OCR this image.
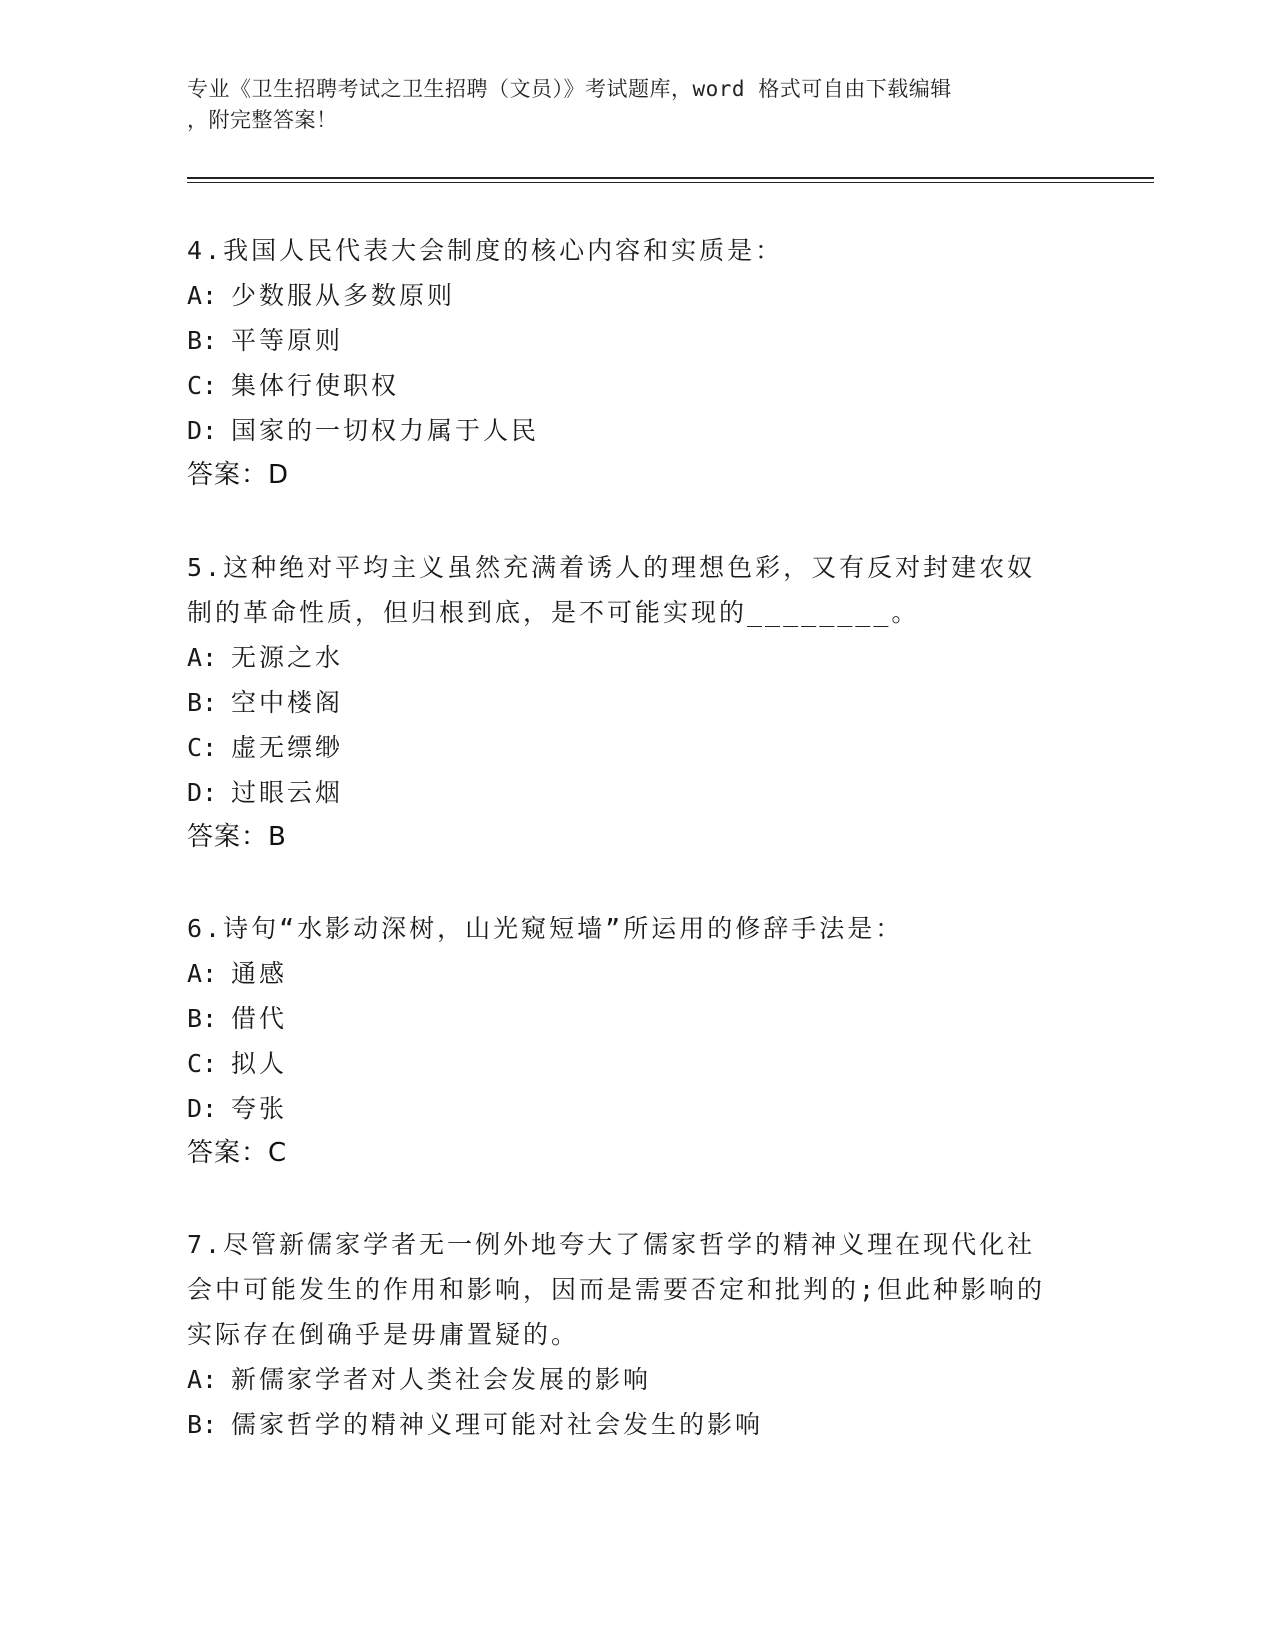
专业《卫生招聘考试之卫生招聘（文员）》考试题库，word 格式可自由下载编辑
，附完整答案！
4.我国人民代表大会制度的核心内容和实质是：
A: 少数服从多数原则
B: 平等原则
C: 集体行使职权
D: 国家的一切权力属于人民
答案：D
5.这种绝对平均主义虽然充满着诱人的理想色彩，又有反对封建农奴
制的革命性质，但归根到底，是不可能实现的________。
A: 无源之水
B: 空中楼阁
C: 虚无缥缈
D: 过眼云烟
答案：B
6.诗句“水影动深树，山光窥短墙”所运用的修辞手法是：
A: 通感
B: 借代
C: 拟人
D: 夸张
答案：C
7.尽管新儒家学者无一例外地夸大了儒家哲学的精神义理在现代化社
会中可能发生的作用和影响，因而是需要否定和批判的;但此种影响的
实际存在倒确乎是毋庸置疑的。
A: 新儒家学者对人类社会发展的影响
B: 儒家哲学的精神义理可能对社会发生的影响
